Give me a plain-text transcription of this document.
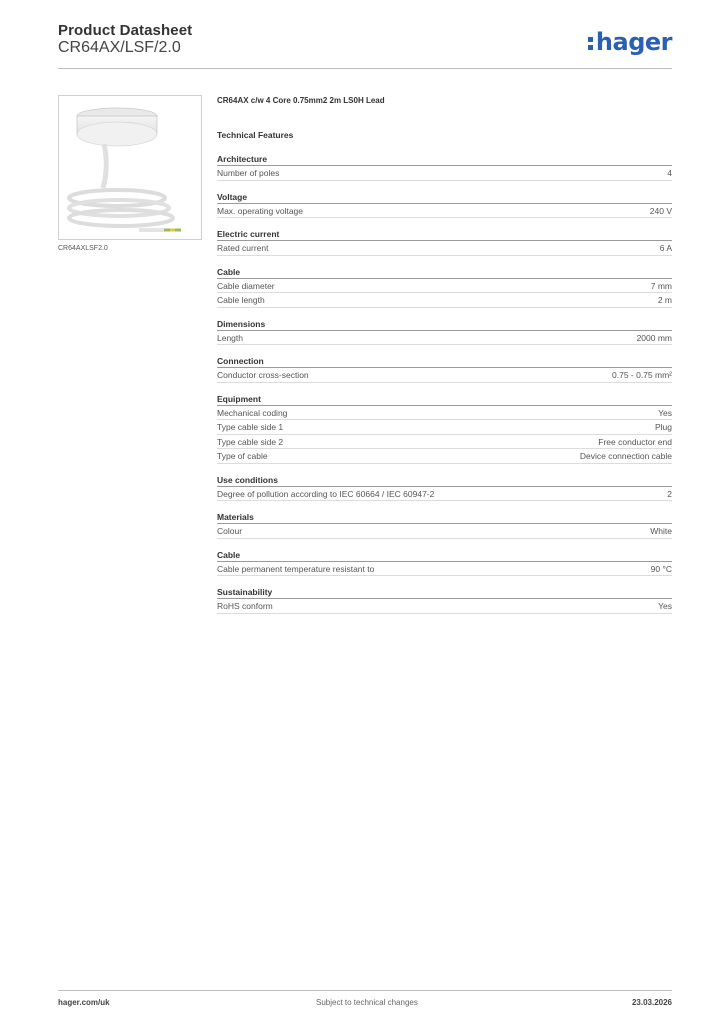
Product Datasheet
CR64AX/LSF/2.0	hager
CR64AXLSF2.0
CR64AX c/w 4 Core 0.75mm2 2m LS0H Lead
Technical Features
Architecture
Number of poles	4
Voltage
Max. operating voltage	240 V
Electric current
Rated current	6 A
Cable
Cable diameter	7 mm
Cable length	2 m
Dimensions
Length	2000 mm
Connection
Conductor cross-section	0.75 - 0.75 mm²
Equipment
Mechanical coding	Yes
Type cable side 1	Plug
Type cable side 2	Free conductor end
Type of cable	Device connection cable
Use conditions
Degree of pollution according to IEC 60664 / IEC 60947-2	2
Materials
Colour	White
Cable
Cable permanent temperature resistant to	90 °C
Sustainability
RoHS conform	Yes
hager.com/uk	Subject to technical changes	23.03.2026
